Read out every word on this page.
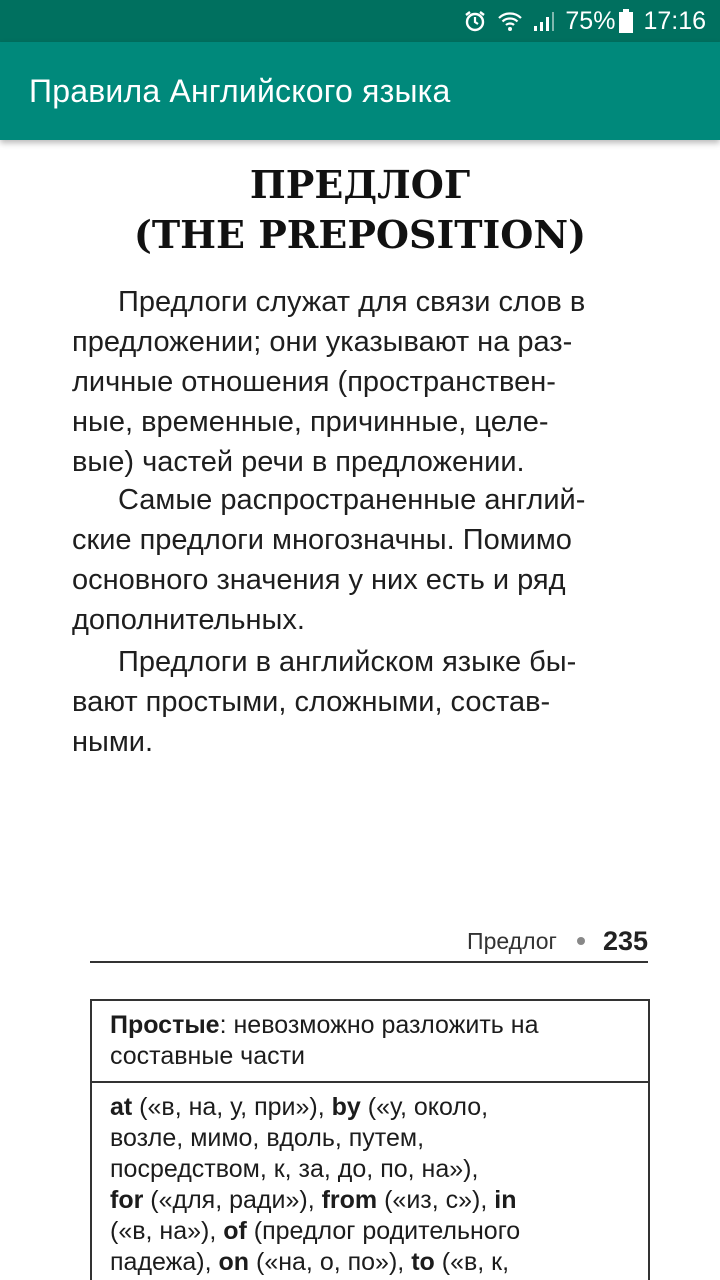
75% 17:16
Правила Английского языка
ПРЕДЛОГ
(THE PREPOSITION)
Предлоги служат для связи слов в
предложении; они указывают на раз-
личные отношения (пространствен-
ные, временные, причинные, целе-
вые) частей речи в предложении.
Самые распространенные англий-
ские предлоги многозначны. Помимо
основного значения у них есть и ряд
дополнительных.
Предлоги в английском языке бы-
вают простыми, сложными, состав-
ными.
Предлог 235
Простые: невозможно разложить на
составные части
at («в, на, у, при»), by («у, около,
возле, мимо, вдоль, путем,
посредством, к, за, до, по, на»),
for («для, ради»), from («из, с»), in
(«в, на»), of (предлог родительного
падежа), on («на, о, по»), to («в, к,
